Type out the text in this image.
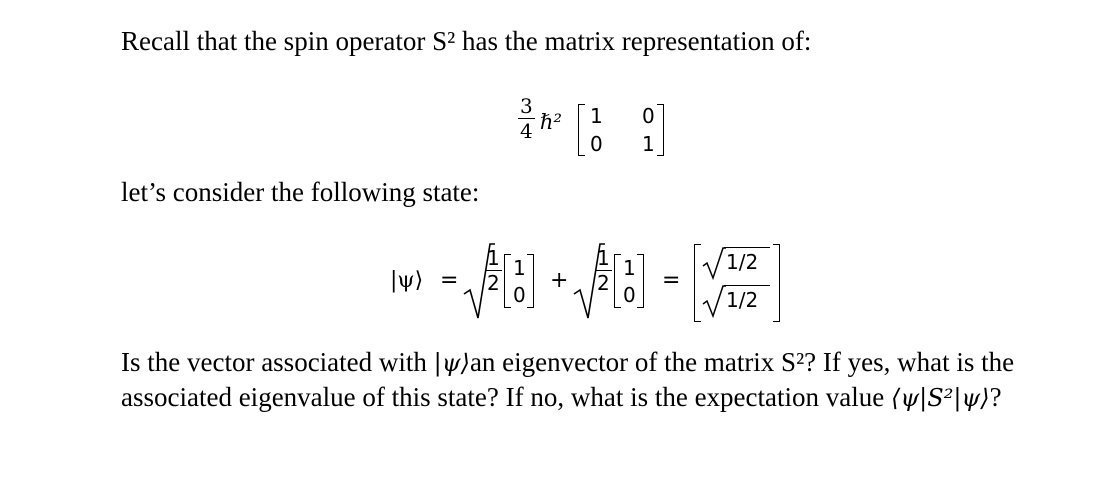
Recall that the spin operator S² has the matrix representation of:
$\frac{3}{4}$ ℏ² 1 0
0 1
let’s consider the following state:
|ψ⟩ = $\frac{1}{2} 1$
0
+ $\frac{1}{2} 1$
0
=
1/2
1/2
Is the vector associated with |ψ⟩an eigenvector of the matrix S²? If yes, what is the
associated eigenvalue of this state? If no, what is the expectation value ⟨ψ|S²|ψ⟩?
